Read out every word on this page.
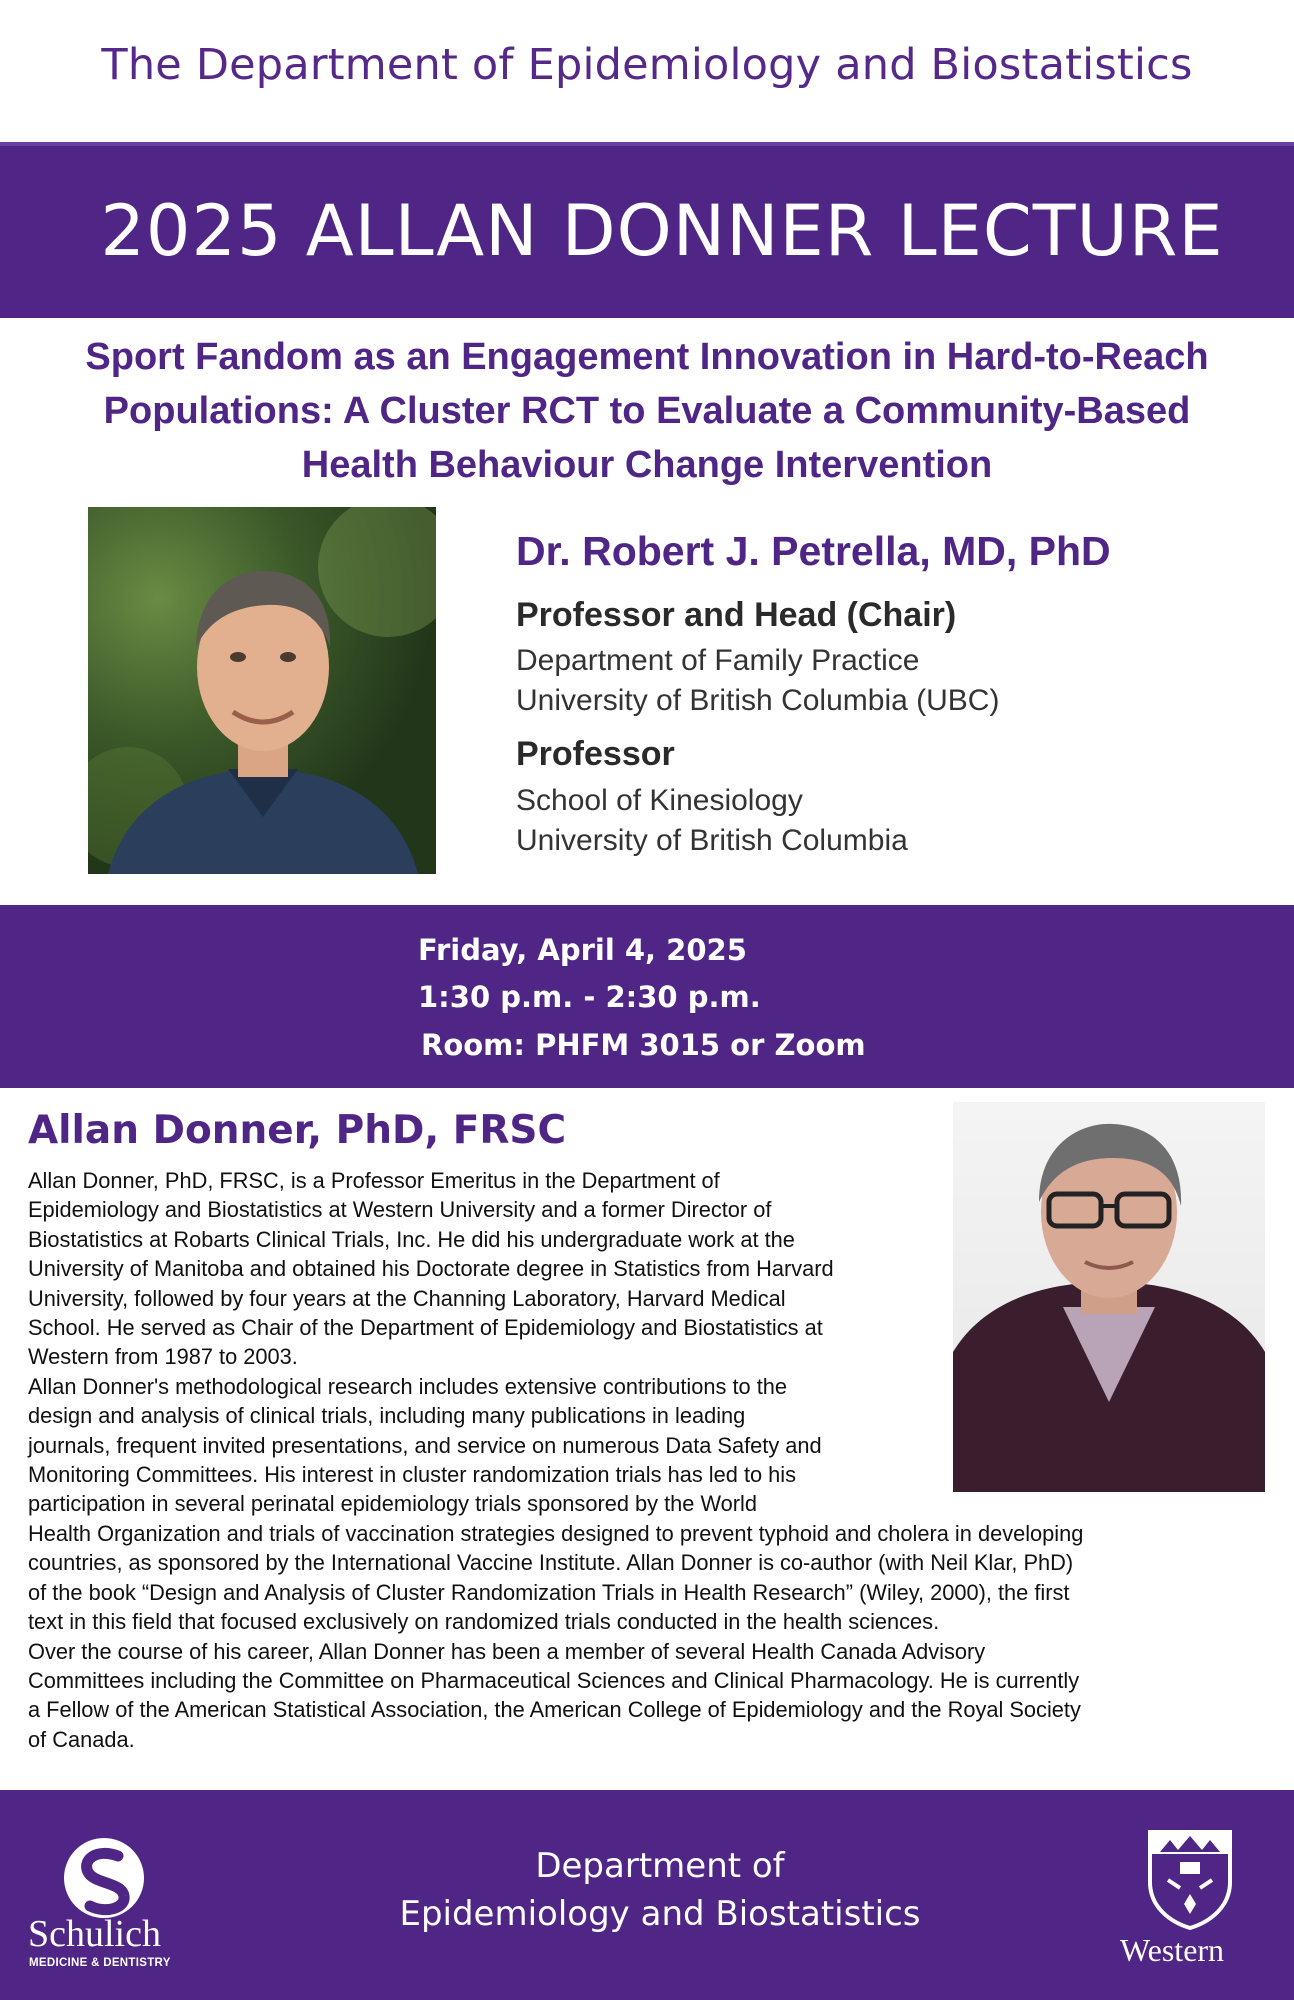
The Department of Epidemiology and Biostatistics
2025 ALLAN DONNER LECTURE
Sport Fandom as an Engagement Innovation in Hard-to-Reach
Populations: A Cluster RCT to Evaluate a Community-Based
Health Behaviour Change Intervention
Dr. Robert J. Petrella, MD, PhD
Professor and Head (Chair)
Department of Family Practice
University of British Columbia (UBC)
Professor
School of Kinesiology
University of British Columbia
Friday, April 4, 2025
1:30 p.m. - 2:30 p.m.
Room: PHFM 3015 or Zoom
Allan Donner, PhD, FRSC

Allan Donner, PhD, FRSC, is a Professor Emeritus in the Department of

Epidemiology and Biostatistics at Western University and a former Director of

Biostatistics at Robarts Clinical Trials, Inc. He did his undergraduate work at the

University of Manitoba and obtained his Doctorate degree in Statistics from Harvard

University, followed by four years at the Channing Laboratory, Harvard Medical

School. He served as Chair of the Department of Epidemiology and Biostatistics at

Western from 1987 to 2003.

Allan Donner's methodological research includes extensive contributions to the

design and analysis of clinical trials, including many publications in leading

journals, frequent invited presentations, and service on numerous Data Safety and

Monitoring Committees. His interest in cluster randomization trials has led to his

participation in several perinatal epidemiology trials sponsored by the World

Health Organization and trials of vaccination strategies designed to prevent typhoid and cholera in developing

countries, as sponsored by the International Vaccine Institute. Allan Donner is co-author (with Neil Klar, PhD)

of the book “Design and Analysis of Cluster Randomization Trials in Health Research” (Wiley, 2000), the first

text in this field that focused exclusively on randomized trials conducted in the health sciences.

Over the course of his career, Allan Donner has been a member of several Health Canada Advisory

Committees including the Committee on Pharmaceutical Sciences and Clinical Pharmacology. He is currently

a Fellow of the American Statistical Association, the American College of Epidemiology and the Royal Society

of Canada.

Schulich
MEDICINE & DENTISTRY
Department of
Epidemiology and Biostatistics
Western
